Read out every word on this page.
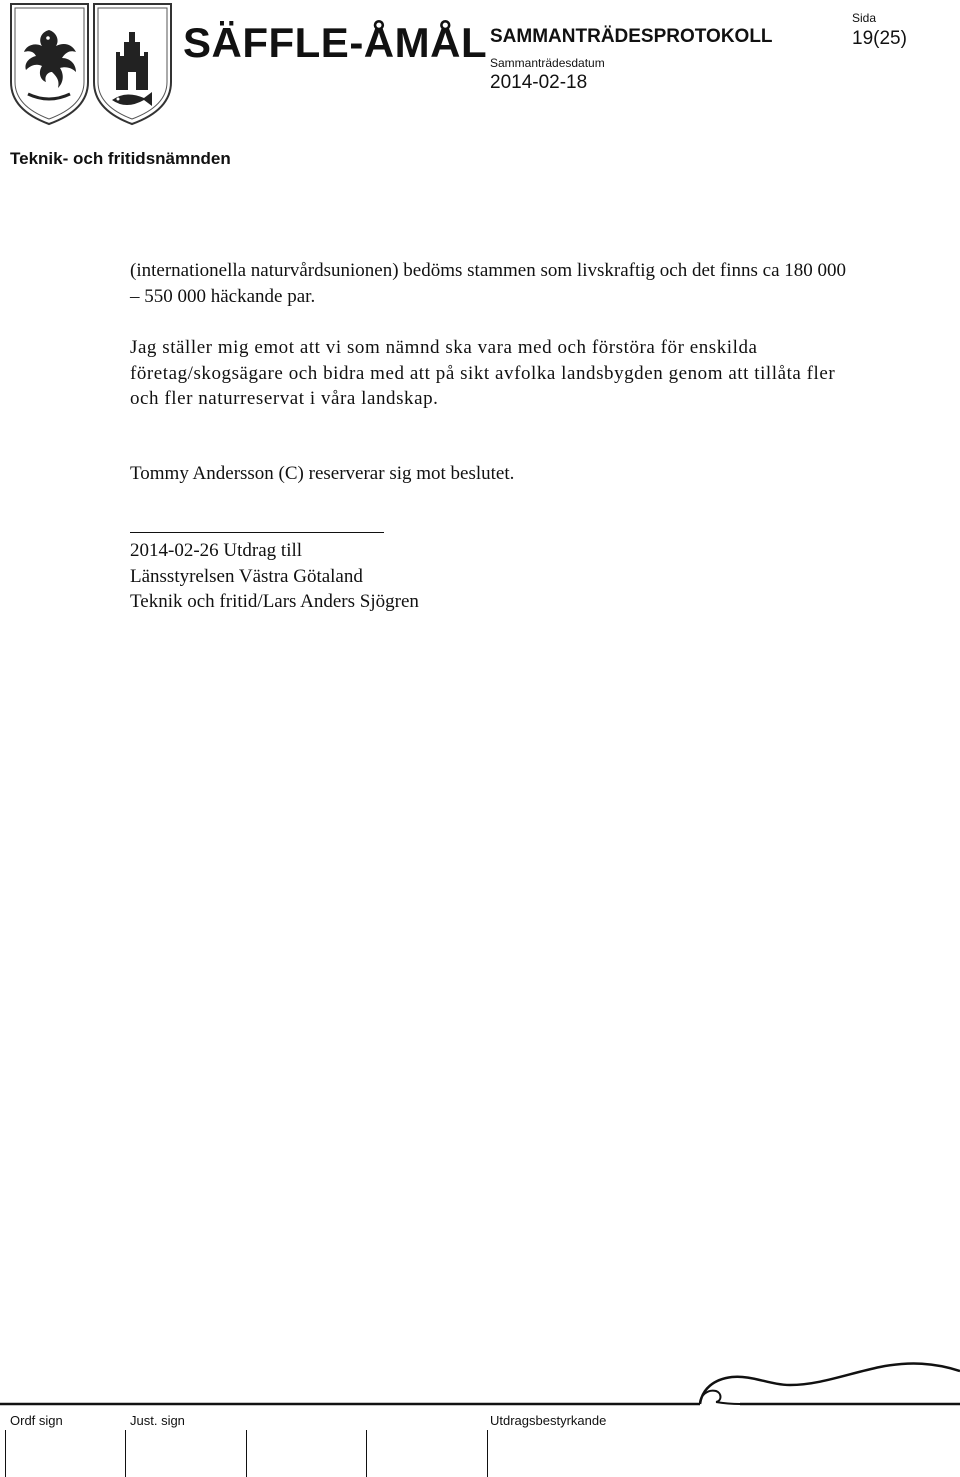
SÄFFLE-ÅMÅL SAMMANTRÄDESPROTOKOLL
Sammanträdesdatum
2014-02-18
Sida
19(25)
Teknik- och fritidsnämnden

(internationella naturvårdsunionen) bedöms stammen som livskraftig och det finns ca 180 000 – 550 000 häckande par.

Jag ställer mig emot att vi som nämnd ska vara med och förstöra för enskilda företag/skogsägare och bidra med att på sikt avfolka landsbygden genom att tillåta fler och fler naturreservat i våra landskap.

Tommy Andersson (C) reserverar sig mot beslutet.

2014-02-26 Utdrag till
Länsstyrelsen Västra Götaland
Teknik och fritid/Lars Anders Sjögren
Ordf sign	Just. sign	Utdragsbestyrkande
